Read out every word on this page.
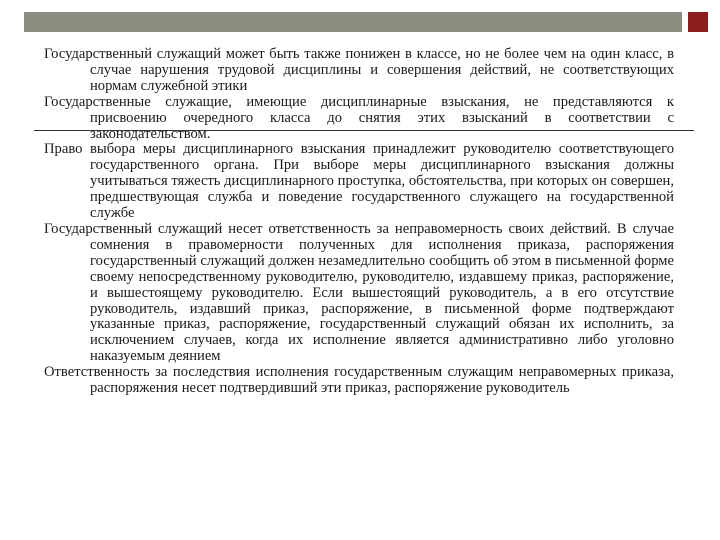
Государственный служащий может быть также понижен в классе, но не более чем на один класс, в случае нарушения трудовой дисциплины и совершения действий, не соответствующих нормам служебной этики

Государственные служащие, имеющие дисциплинарные взыскания, не представляются к присвоению очередного класса до снятия этих взысканий в соответствии с законодательством.

Право выбора меры дисциплинарного взыскания принадлежит руководителю соответствующего государственного органа. При выборе меры дисциплинарного взыскания должны учитываться тяжесть дисциплинарного проступка, обстоятельства, при которых он совершен, предшествующая служба и поведение государственного служащего на государственной службе

Государственный служащий несет ответственность за неправомерность своих действий. В случае сомнения в правомерности полученных для исполнения приказа, распоряжения государственный служащий должен незамедлительно сообщить об этом в письменной форме своему непосредственному руководителю, руководителю, издавшему приказ, распоряжение, и вышестоящему руководителю. Если вышестоящий руководитель, а в его отсутствие руководитель, издавший приказ, распоряжение, в письменной форме подтверждают указанные приказ, распоряжение, государственный служащий обязан их исполнить, за исключением случаев, когда их исполнение является административно либо уголовно наказуемым деянием

Ответственность за последствия исполнения государственным служащим неправомерных приказа, распоряжения несет подтвердивший эти приказ, распоряжение руководитель
